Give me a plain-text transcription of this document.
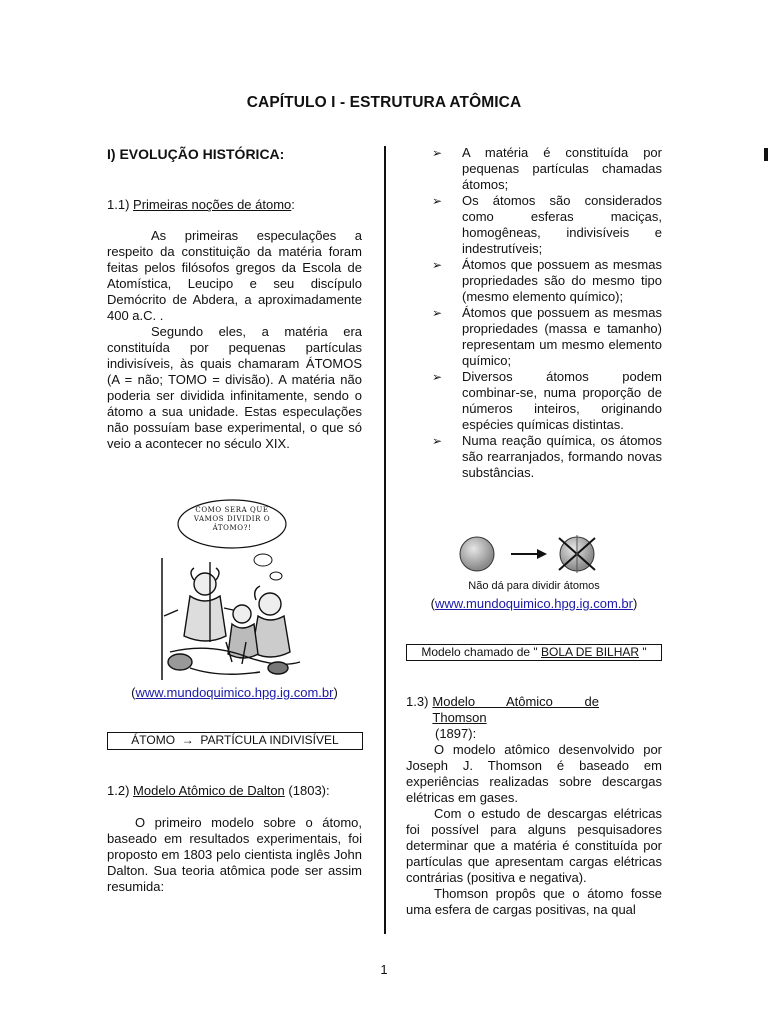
CAPÍTULO I - ESTRUTURA ATÔMICA
I) EVOLUÇÃO HISTÓRICA:
1.1) Primeiras noções de átomo:

As primeiras especulações a respeito da constituição da matéria foram feitas pelos filósofos gregos da Escola de Atomística, Leucipo e seu discípulo Demócrito de Abdera, a aproximadamente 400 a.C. .

Segundo eles, a matéria era constituída por pequenas partículas indivisíveis, às quais chamaram ÁTOMOS (A = não; TOMO = divisão). A matéria não poderia ser dividida infinitamente, sendo o átomo a sua unidade. Estas especulações não possuíam base experimental, o que só veio a acontecer no século XIX.

COMO SERÁ QUE VAMOS DIVIDIR O ÁTOMO?!
(www.mundoquimico.hpg.ig.com.br)
ÁTOMO → PARTÍCULA INDIVISÍVEL
1.2) Modelo Atômico de Dalton (1803):

O primeiro modelo sobre o átomo, baseado em resultados experimentais, foi proposto em 1803 pelo cientista inglês John Dalton. Sua teoria atômica pode ser assim resumida:

➢ A matéria é constituída por pequenas partículas chamadas átomos;
➢ Os átomos são considerados como esferas maciças, homogêneas, indivisíveis e indestrutíveis;
➢ Átomos que possuem as mesmas propriedades são do mesmo tipo (mesmo elemento químico);
➢ Átomos que possuem as mesmas propriedades (massa e tamanho) representam um mesmo elemento químico;
➢ Diversos átomos podem combinar-se, numa proporção de números inteiros, originando espécies químicas distintas.
➢ Numa reação química, os átomos são rearranjados, formando novas substâncias.
Não dá para dividir átomos
(www.mundoquimico.hpg.ig.com.br)
Modelo chamado de " BOLA DE BILHAR "
1.3) Modelo Atômico de Thomson
(1897):

O modelo atômico desenvolvido por Joseph J. Thomson é baseado em experiências realizadas sobre descargas elétricas em gases.

Com o estudo de descargas elétricas foi possível para alguns pesquisadores determinar que a matéria é constituída por partículas que apresentam cargas elétricas contrárias (positiva e negativa).

Thomson propôs que o átomo fosse uma esfera de cargas positivas, na qual

1
